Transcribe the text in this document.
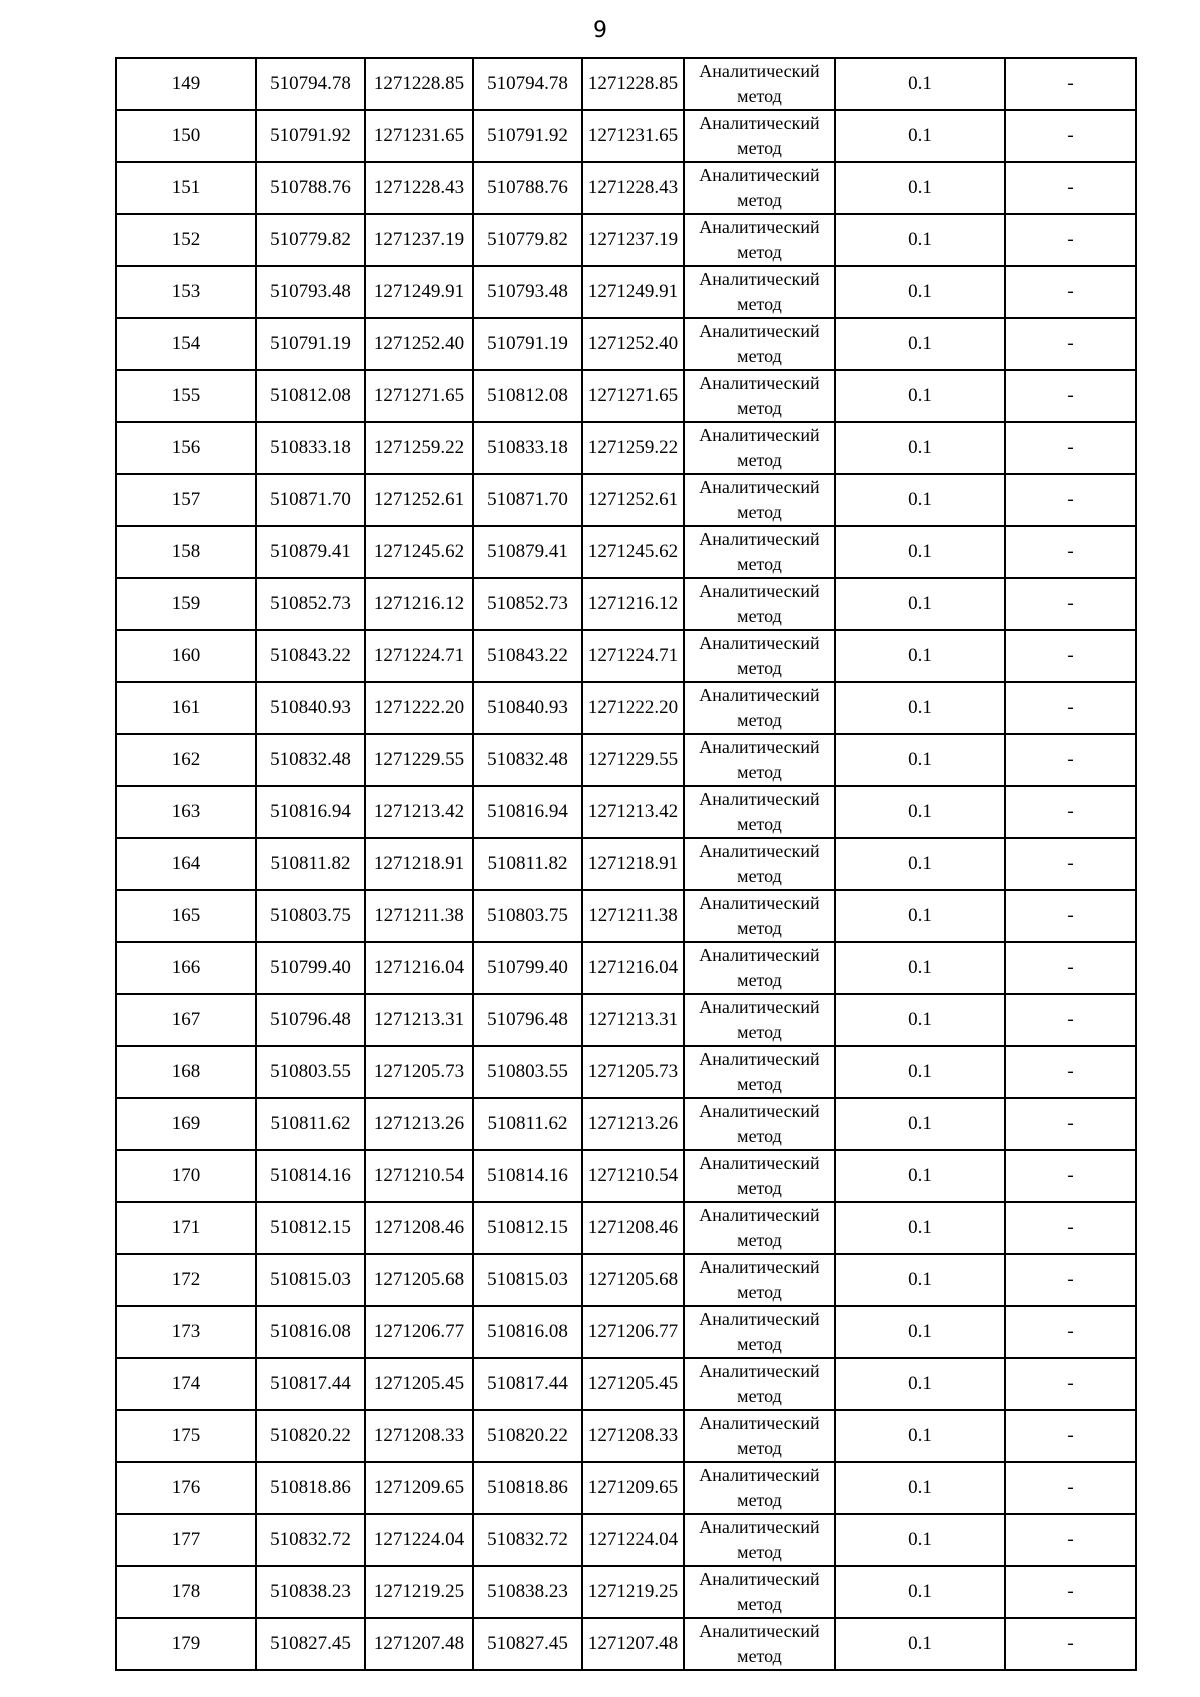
9
149	510794.78	1271228.85	510794.78	1271228.85	Аналитический метод	0.1	-
150	510791.92	1271231.65	510791.92	1271231.65	Аналитический метод	0.1	-
151	510788.76	1271228.43	510788.76	1271228.43	Аналитический метод	0.1	-
152	510779.82	1271237.19	510779.82	1271237.19	Аналитический метод	0.1	-
153	510793.48	1271249.91	510793.48	1271249.91	Аналитический метод	0.1	-
154	510791.19	1271252.40	510791.19	1271252.40	Аналитический метод	0.1	-
155	510812.08	1271271.65	510812.08	1271271.65	Аналитический метод	0.1	-
156	510833.18	1271259.22	510833.18	1271259.22	Аналитический метод	0.1	-
157	510871.70	1271252.61	510871.70	1271252.61	Аналитический метод	0.1	-
158	510879.41	1271245.62	510879.41	1271245.62	Аналитический метод	0.1	-
159	510852.73	1271216.12	510852.73	1271216.12	Аналитический метод	0.1	-
160	510843.22	1271224.71	510843.22	1271224.71	Аналитический метод	0.1	-
161	510840.93	1271222.20	510840.93	1271222.20	Аналитический метод	0.1	-
162	510832.48	1271229.55	510832.48	1271229.55	Аналитический метод	0.1	-
163	510816.94	1271213.42	510816.94	1271213.42	Аналитический метод	0.1	-
164	510811.82	1271218.91	510811.82	1271218.91	Аналитический метод	0.1	-
165	510803.75	1271211.38	510803.75	1271211.38	Аналитический метод	0.1	-
166	510799.40	1271216.04	510799.40	1271216.04	Аналитический метод	0.1	-
167	510796.48	1271213.31	510796.48	1271213.31	Аналитический метод	0.1	-
168	510803.55	1271205.73	510803.55	1271205.73	Аналитический метод	0.1	-
169	510811.62	1271213.26	510811.62	1271213.26	Аналитический метод	0.1	-
170	510814.16	1271210.54	510814.16	1271210.54	Аналитический метод	0.1	-
171	510812.15	1271208.46	510812.15	1271208.46	Аналитический метод	0.1	-
172	510815.03	1271205.68	510815.03	1271205.68	Аналитический метод	0.1	-
173	510816.08	1271206.77	510816.08	1271206.77	Аналитический метод	0.1	-
174	510817.44	1271205.45	510817.44	1271205.45	Аналитический метод	0.1	-
175	510820.22	1271208.33	510820.22	1271208.33	Аналитический метод	0.1	-
176	510818.86	1271209.65	510818.86	1271209.65	Аналитический метод	0.1	-
177	510832.72	1271224.04	510832.72	1271224.04	Аналитический метод	0.1	-
178	510838.23	1271219.25	510838.23	1271219.25	Аналитический метод	0.1	-
179	510827.45	1271207.48	510827.45	1271207.48	Аналитический метод	0.1	-
